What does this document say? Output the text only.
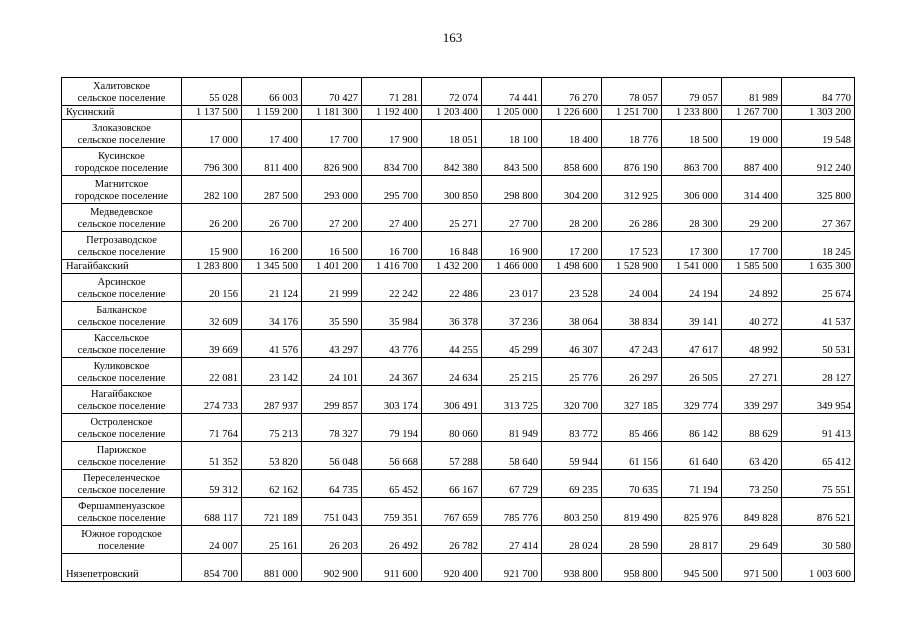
163
Халитовское
сельское поселение	55 028	66 003	70 427	71 281	72 074	74 441	76 270	78 057	79 057	81 989	84 770
Кусинский	1 137 500	1 159 200	1 181 300	1 192 400	1 203 400	1 205 000	1 226 600	1 251 700	1 233 800	1 267 700	1 303 200
Злоказовское
сельское поселение	17 000	17 400	17 700	17 900	18 051	18 100	18 400	18 776	18 500	19 000	19 548
Кусинское
городское поселение	796 300	811 400	826 900	834 700	842 380	843 500	858 600	876 190	863 700	887 400	912 240
Магнитское
городское поселение	282 100	287 500	293 000	295 700	300 850	298 800	304 200	312 925	306 000	314 400	325 800
Медведевское
сельское поселение	26 200	26 700	27 200	27 400	25 271	27 700	28 200	26 286	28 300	29 200	27 367
Петрозаводское
сельское поселение	15 900	16 200	16 500	16 700	16 848	16 900	17 200	17 523	17 300	17 700	18 245
Нагайбакский	1 283 800	1 345 500	1 401 200	1 416 700	1 432 200	1 466 000	1 498 600	1 528 900	1 541 000	1 585 500	1 635 300
Арсинское
сельское поселение	20 156	21 124	21 999	22 242	22 486	23 017	23 528	24 004	24 194	24 892	25 674
Балканское
сельское поселение	32 609	34 176	35 590	35 984	36 378	37 236	38 064	38 834	39 141	40 272	41 537
Кассельское
сельское поселение	39 669	41 576	43 297	43 776	44 255	45 299	46 307	47 243	47 617	48 992	50 531
Куликовское
сельское поселение	22 081	23 142	24 101	24 367	24 634	25 215	25 776	26 297	26 505	27 271	28 127
Нагайбакское
сельское поселение	274 733	287 937	299 857	303 174	306 491	313 725	320 700	327 185	329 774	339 297	349 954
Остроленское
сельское поселение	71 764	75 213	78 327	79 194	80 060	81 949	83 772	85 466	86 142	88 629	91 413
Парижское
сельское поселение	51 352	53 820	56 048	56 668	57 288	58 640	59 944	61 156	61 640	63 420	65 412
Переселенческое
сельское поселение	59 312	62 162	64 735	65 452	66 167	67 729	69 235	70 635	71 194	73 250	75 551
Фершампенуазское
сельское поселение	688 117	721 189	751 043	759 351	767 659	785 776	803 250	819 490	825 976	849 828	876 521
Южное городское
поселение	24 007	25 161	26 203	26 492	26 782	27 414	28 024	28 590	28 817	29 649	30 580
Нязепетровский	854 700	881 000	902 900	911 600	920 400	921 700	938 800	958 800	945 500	971 500	1 003 600
